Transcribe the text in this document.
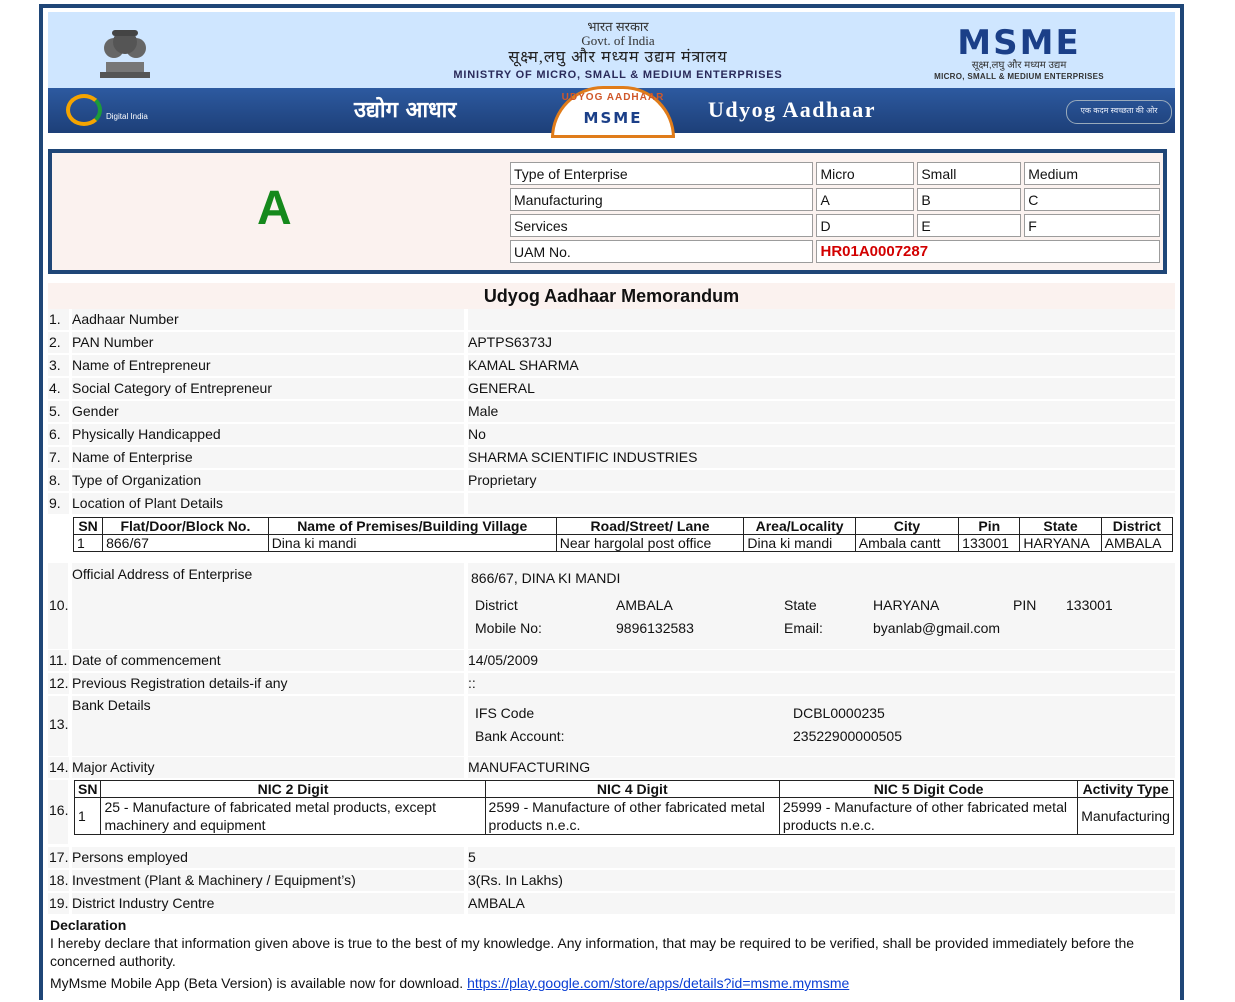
भारत सरकार
Govt. of India
सूक्ष्म,लघु और मध्यम उद्यम मंत्रालय
MINISTRY OF MICRO, SMALL & MEDIUM ENTERPRISES
MSME
सूक्ष्म,लघु और मध्यम उद्यम
MICRO, SMALL & MEDIUM ENTERPRISES
Digital India	उद्योग आधार	UDYOG AADHAAR
MSME	Udyog Aadhaar	एक कदम स्वच्छता की ओर
A
Type of Enterprise	Micro	Small	Medium
Manufacturing	A	B	C
Services	D	E	F
UAM No.	HR01A0007287		
Udyog Aadhaar Memorandum
1. Aadhaar Number
2. PAN Number	APTPS6373J
3. Name of Entrepreneur	KAMAL SHARMA
4. Social Category of Entrepreneur	GENERAL
5. Gender	Male
6. Physically Handicapped	No
7. Name of Enterprise	SHARMA SCIENTIFIC INDUSTRIES
8. Type of Organization	Proprietary
9. Location of Plant Details
SN	Flat/Door/Block No.	Name of Premises/Building Village	Road/Street/ Lane	Area/Locality	City	Pin	State	District
1	866/67	Dina ki mandi	Near hargolal post office	Dina ki mandi	Ambala cantt	133001	HARYANA	AMBALA
10.
Official Address of Enterprise	866/67, DINA KI MANDI
District	AMBALA	State	HARYANA	PIN 133001
Mobile No:	9896132583	Email:	byanlab@gmail.com
11. Date of commencement	14/05/2009
12. Previous Registration details-if any	::
13.
Bank Details	IFS Code	DCBL0000235
Bank Account:	23522900000505
14. Major Activity	MANUFACTURING
16.
SN	NIC 2 Digit	NIC 4 Digit	NIC 5 Digit Code	Activity Type
1	25 - Manufacture of fabricated metal products, except machinery and equipment	2599 - Manufacture of other fabricated metal products n.e.c.	25999 - Manufacture of other fabricated metal products n.e.c.	Manufacturing
17. Persons employed	5
18. Investment (Plant & Machinery / Equipment’s)	3(Rs. In Lakhs)
19. District Industry Centre	AMBALA
Declaration
I hereby declare that information given above is true to the best of my knowledge. Any information, that may be required to be verified, shall be provided immediately before the concerned authority.
MyMsme Mobile App (Beta Version) is available now for download. https://play.google.com/store/apps/details?id=msme.mymsme
